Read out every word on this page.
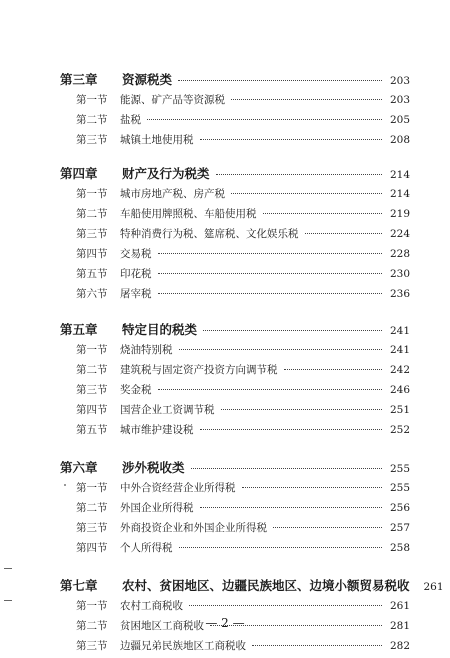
第三章	资源税类	203
第一节	能源、矿产品等资源税	203
第二节	盐税	205
第三节	城镇土地使用税	208
第四章	财产及行为税类	214
第一节	城市房地产税、房产税	214
第二节	车船使用牌照税、车船使用税	219
第三节	特种消费行为税、筵席税、文化娱乐税	224
第四节	交易税	228
第五节	印花税	230
第六节	屠宰税	236
第五章	特定目的税类	241
第一节	烧油特别税	241
第二节	建筑税与固定资产投资方向调节税	242
第三节	奖金税	246
第四节	国营企业工资调节税	251
第五节	城市维护建设税	252
第六章	涉外税收类	255
第一节	中外合资经营企业所得税	255
第二节	外国企业所得税	256
第三节	外商投资企业和外国企业所得税	257
第四节	个人所得税	258
第七章	农村、贫困地区、边疆民族地区、边境小额贸易税收	261
第一节	农村工商税收	261
第二节	贫困地区工商税收	281
第三节	边疆兄弟民族地区工商税收	282
— 2 —
